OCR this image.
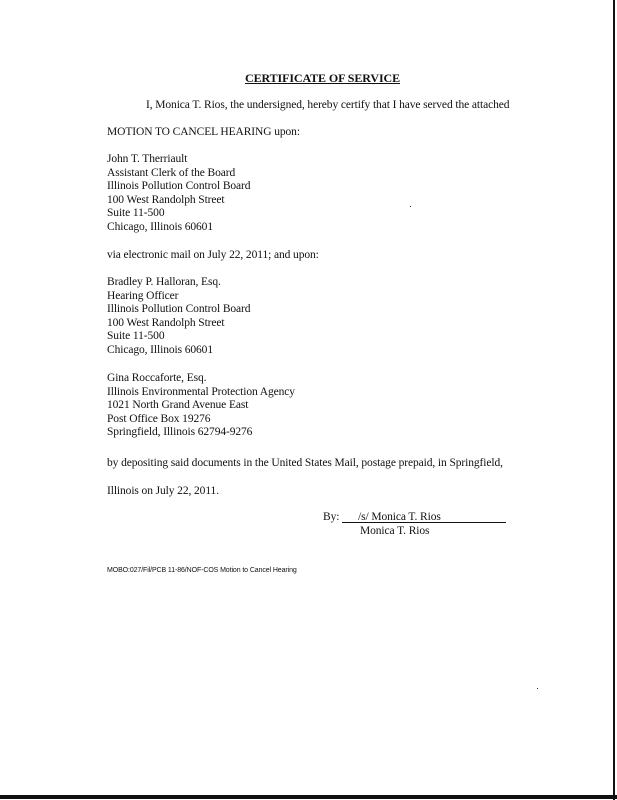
CERTIFICATE OF SERVICE
I, Monica T. Rios, the undersigned, hereby certify that I have served the attached
MOTION TO CANCEL HEARING upon:
John T. Therriault
Assistant Clerk of the Board
Illinois Pollution Control Board
100 West Randolph Street
Suite 11-500
Chicago, Illinois 60601
via electronic mail on July 22, 2011; and upon:
Bradley P. Halloran, Esq.
Hearing Officer
Illinois Pollution Control Board
100 West Randolph Street
Suite 11-500
Chicago, Illinois 60601
Gina Roccaforte, Esq.
Illinois Environmental Protection Agency
1021 North Grand Avenue East
Post Office Box 19276
Springfield, Illinois 62794-9276
by depositing said documents in the United States Mail, postage prepaid, in Springfield,
Illinois on July 22, 2011.
By: /s/ Monica T. Rios
Monica T. Rios
MOBO:027/Fil/PCB 11-86/NOF-COS Motion to Cancel Hearing
